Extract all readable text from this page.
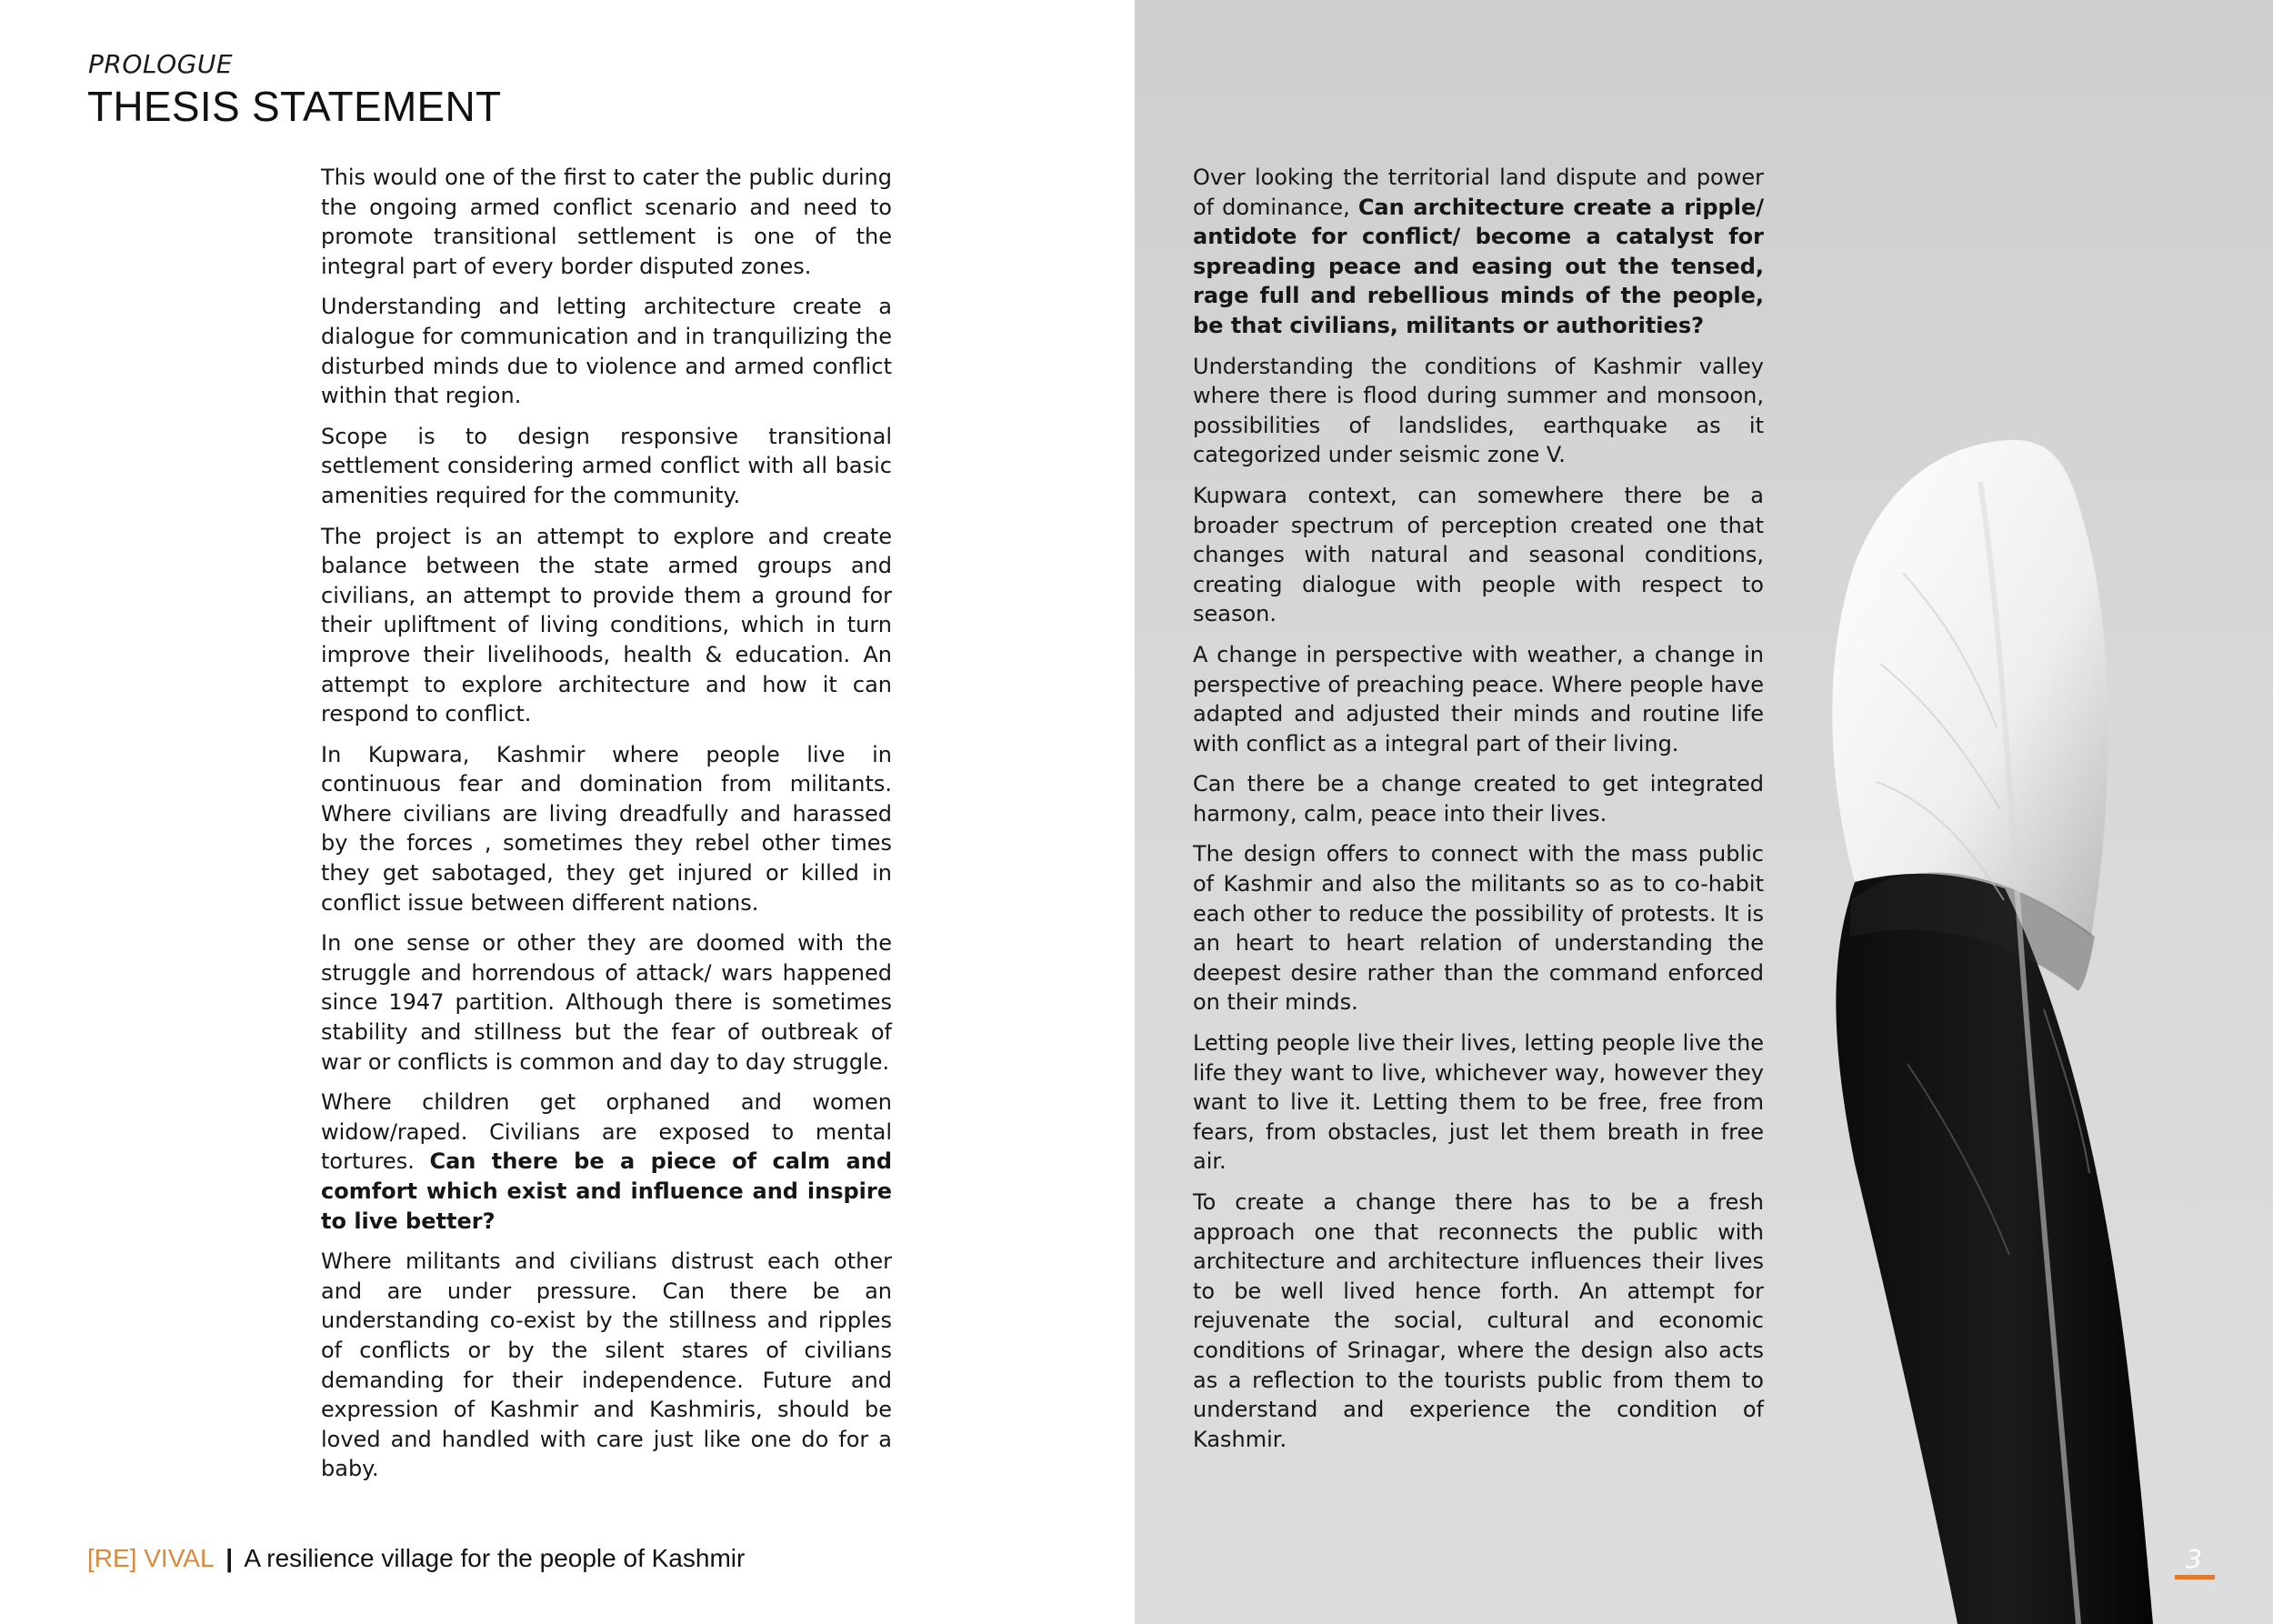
PROLOGUE
THESIS STATEMENT

This would one of the first to cater the public during the ongoing armed conflict scenario and need to promote transitional settlement is one of the integral part of every border disputed zones.

Understanding and letting architecture create a dialogue for communication and in tranquilizing the disturbed minds due to violence and armed conflict within that region.

Scope is to design responsive transitional settlement considering armed conflict with all basic amenities required for the community.

The project is an attempt to explore and create balance between the state armed groups and civilians, an attempt to provide them a ground for their upliftment of living conditions, which in turn improve their livelihoods, health & education. An attempt to explore architecture and how it can respond to conflict.

In Kupwara, Kashmir where people live in continuous fear and domination from militants. Where civilians are living dreadfully and harassed by the forces , sometimes they rebel other times they get sabotaged, they get injured or killed in conflict issue between different nations.

In one sense or other they are doomed with the struggle and horrendous of attack/ wars happened since 1947 partition. Although there is sometimes stability and stillness but the fear of outbreak of war or conflicts is common and day to day struggle.

Where children get orphaned and women widow/raped. Civilians are exposed to mental tortures. Can there be a piece of calm and comfort which exist and influence and inspire to live better?

Where militants and civilians distrust each other and are under pressure. Can there be an understanding co-exist by the stillness and ripples of conflicts or by the silent stares of civilians demanding for their independence. Future and expression of Kashmir and Kashmiris, should be loved and handled with care just like one do for a baby.

[RE] VIVAL | A resilience village for the people of Kashmir	3

Over looking the territorial land dispute and power of dominance, Can architecture create a ripple/ antidote for conflict/ become a catalyst for spreading peace and easing out the tensed, rage full and rebellious minds of the people, be that civilians, militants or authorities?

Understanding the conditions of Kashmir valley where there is flood during summer and monsoon, possibilities of landslides, earthquake as it categorized under seismic zone V.

Kupwara context, can somewhere there be a broader spectrum of perception created one that changes with natural and seasonal conditions, creating dialogue with people with respect to season.

A change in perspective with weather, a change in perspective of preaching peace. Where people have adapted and adjusted their minds and routine life with conflict as a integral part of their living.

Can there be a change created to get integrated harmony, calm, peace into their lives.

The design offers to connect with the mass public of Kashmir and also the militants so as to co-habit each other to reduce the possibility of protests. It is an heart to heart relation of understanding the deepest desire rather than the command enforced on their minds.

Letting people live their lives, letting people live the life they want to live, whichever way, however they want to live it. Letting them to be free, free from fears, from obstacles, just let them breath in free air.

To create a change there has to be a fresh approach one that reconnects the public with architecture and architecture influences their lives to be well lived hence forth. An attempt for rejuvenate the social, cultural and economic conditions of Srinagar, where the design also acts as a reflection to the tourists public from them to understand and experience the condition of Kashmir.
